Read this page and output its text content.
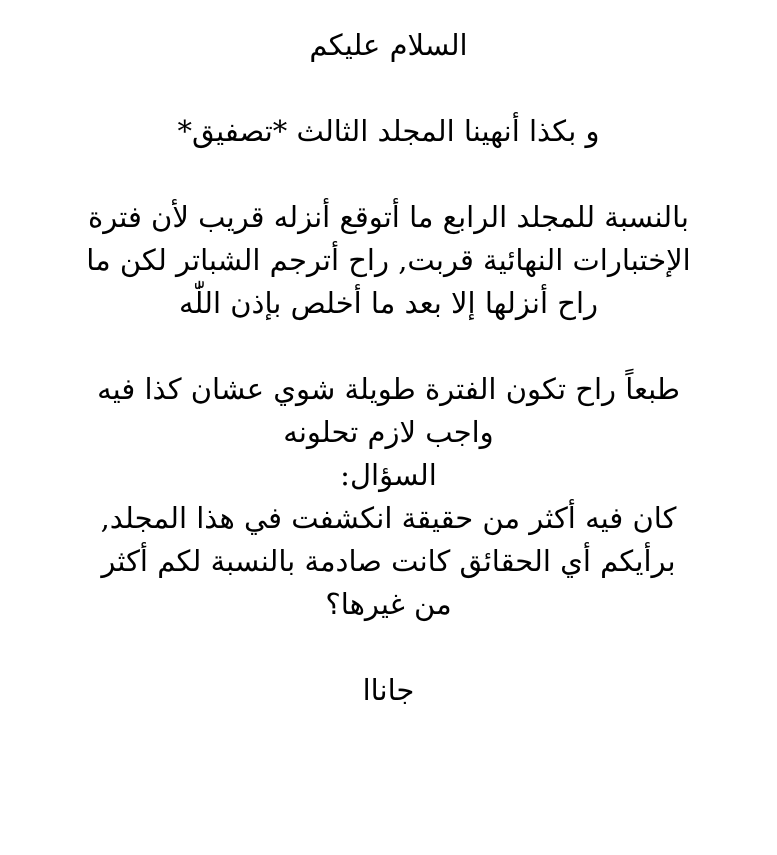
السلام عليكم

و بكذا أنهينا المجلد الثالث *تصفيق*

بالنسبة للمجلد الرابع ما أتوقع أنزله قريب لأن فترة
الإختبارات النهائية قربت, راح أترجم الشباتر لكن ما
راح أنزلها إلا بعد ما أخلص بإذن اللّٰه

طبعاً راح تكون الفترة طويلة شوي عشان كذا فيه
واجب لازم تحلونه
السؤال:
كان فيه أكثر من حقيقة انكشفت في هذا المجلد,
برأيكم أي الحقائق كانت صادمة بالنسبة لكم أكثر
من غيرها؟

جاناا
